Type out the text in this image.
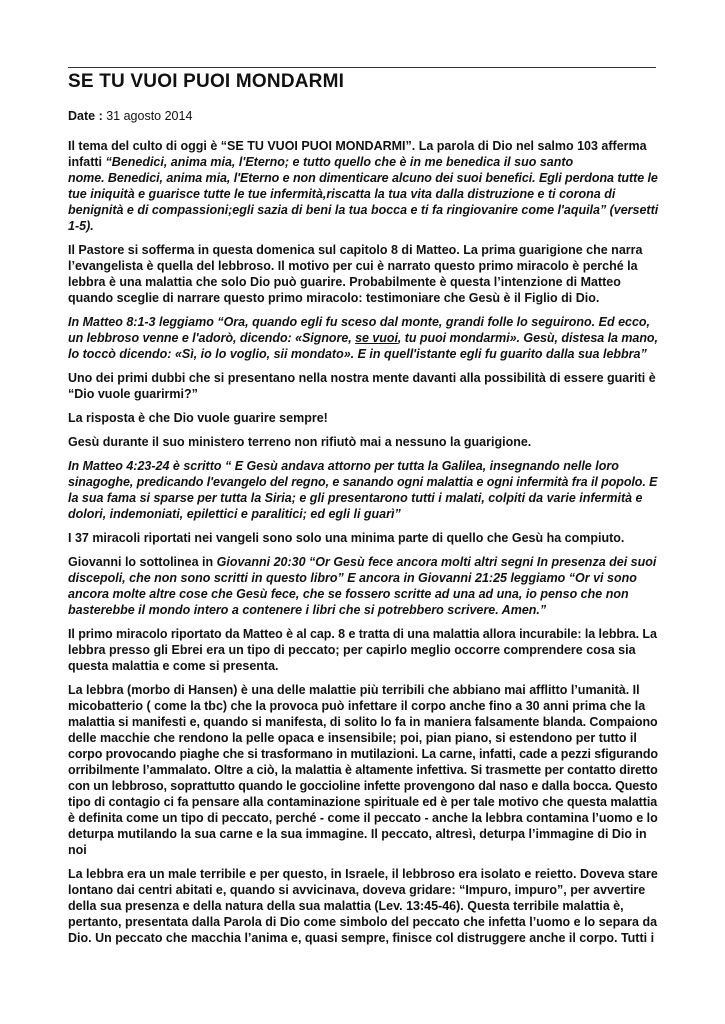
SE TU VUOI PUOI MONDARMI
Date : 31 agosto 2014

Il tema del culto di oggi è “SE TU VUOI PUOI MONDARMI”. La parola di Dio nel salmo 103 afferma
infatti “Benedici, anima mia, l'Eterno; e tutto quello che è in me benedica il suo santo
nome. Benedici, anima mia, l'Eterno e non dimenticare alcuno dei suoi benefici. Egli perdona tutte le
tue iniquità e guarisce tutte le tue infermità,riscatta la tua vita dalla distruzione e ti corona di
benignità e di compassioni;egli sazia di beni la tua bocca e ti fa ringiovanire come l'aquila” (versetti
1-5).

Il Pastore si sofferma in questa domenica sul capitolo 8 di Matteo. La prima guarigione che narra
l’evangelista è quella del lebbroso. Il motivo per cui è narrato questo primo miracolo è perché la
lebbra è una malattia che solo Dio può guarire. Probabilmente è questa l’intenzione di Matteo
quando sceglie di narrare questo primo miracolo: testimoniare che Gesù è il Figlio di Dio.

In Matteo 8:1-3 leggiamo “Ora, quando egli fu sceso dal monte, grandi folle lo seguirono. Ed ecco,
un lebbroso venne e l'adorò, dicendo: «Signore, se vuoi, tu puoi mondarmi». Gesù, distesa la mano,
lo toccò dicendo: «Sì, io lo voglio, sii mondato». E in quell'istante egli fu guarito dalla sua lebbra”

Uno dei primi dubbi che si presentano nella nostra mente davanti alla possibilità di essere guariti è
“Dio vuole guarirmi?”

La risposta è che Dio vuole guarire sempre!

Gesù durante il suo ministero terreno non rifiutò mai a nessuno la guarigione.

In Matteo 4:23-24 è scritto “ E Gesù andava attorno per tutta la Galilea, insegnando nelle loro
sinagoghe, predicando l'evangelo del regno, e sanando ogni malattia e ogni infermità fra il popolo. E
la sua fama si sparse per tutta la Siria; e gli presentarono tutti i malati, colpiti da varie infermità e
dolori, indemoniati, epilettici e paralitici; ed egli li guarì”

I 37 miracoli riportati nei vangeli sono solo una minima parte di quello che Gesù ha compiuto.

Giovanni lo sottolinea in Giovanni 20:30 “Or Gesù fece ancora molti altri segni In presenza dei suoi
discepoli, che non sono scritti in questo libro” E ancora in Giovanni 21:25 leggiamo “Or vi sono
ancora molte altre cose che Gesù fece, che se fossero scritte ad una ad una, io penso che non
basterebbe il mondo intero a contenere i libri che si potrebbero scrivere. Amen.”

Il primo miracolo riportato da Matteo è al cap. 8 e tratta di una malattia allora incurabile: la lebbra. La
lebbra presso gli Ebrei era un tipo di peccato; per capirlo meglio occorre comprendere cosa sia
questa malattia e come si presenta.

La lebbra (morbo di Hansen) è una delle malattie più terribili che abbiano mai afflitto l’umanità. Il
micobatterio ( come la tbc) che la provoca può infettare il corpo anche fino a 30 anni prima che la
malattia si manifesti e, quando si manifesta, di solito lo fa in maniera falsamente blanda. Compaiono
delle macchie che rendono la pelle opaca e insensibile; poi, pian piano, si estendono per tutto il
corpo provocando piaghe che si trasformano in mutilazioni. La carne, infatti, cade a pezzi sfigurando
orribilmente l’ammalato. Oltre a ciò, la malattia è altamente infettiva. Si trasmette per contatto diretto
con un lebbroso, soprattutto quando le goccioline infette provengono dal naso e dalla bocca. Questo
tipo di contagio ci fa pensare alla contaminazione spirituale ed è per tale motivo che questa malattia
è definita come un tipo di peccato, perché - come il peccato - anche la lebbra contamina l’uomo e lo
deturpa mutilando la sua carne e la sua immagine. Il peccato, altresì, deturpa l’immagine di Dio in
noi

La lebbra era un male terribile e per questo, in Israele, il lebbroso era isolato e reietto. Doveva stare
lontano dai centri abitati e, quando si avvicinava, doveva gridare: “Impuro, impuro”, per avvertire
della sua presenza e della natura della sua malattia (Lev. 13:45-46). Questa terribile malattia è,
pertanto, presentata dalla Parola di Dio come simbolo del peccato che infetta l’uomo e lo separa da
Dio. Un peccato che macchia l’anima e, quasi sempre, finisce col distruggere anche il corpo. Tutti i
